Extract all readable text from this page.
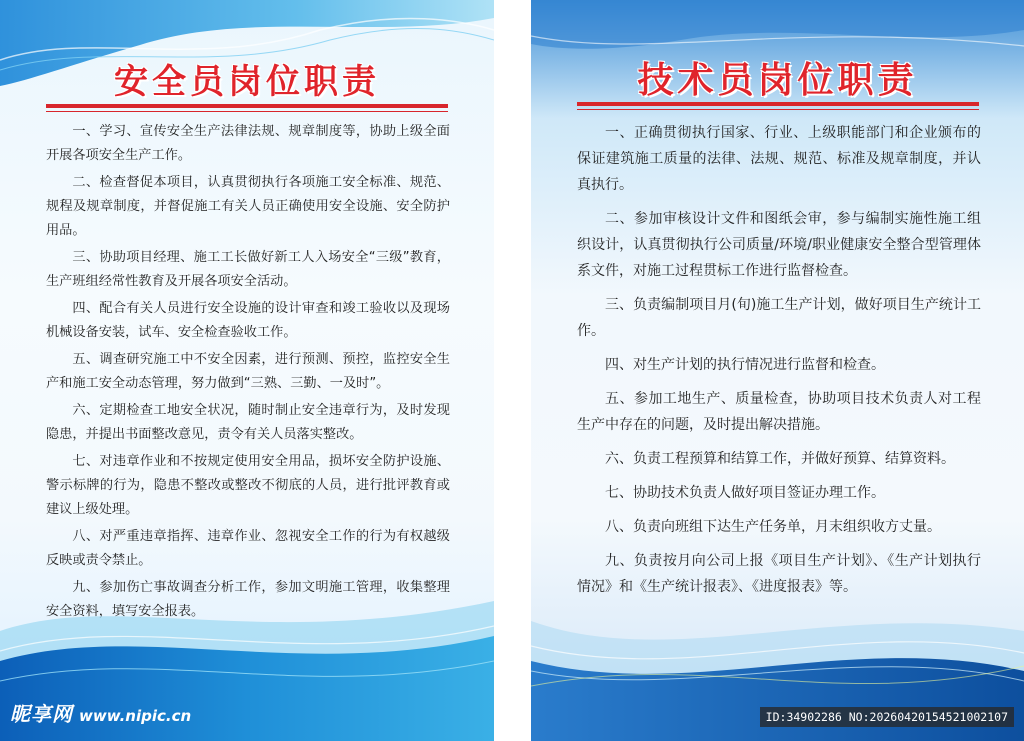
安全员岗位职责

一、学习、宣传安全生产法律法规、规章制度等，协助上级全面开展各项安全生产工作。

二、检查督促本项目，认真贯彻执行各项施工安全标准、规范、规程及规章制度，并督促施工有关人员正确使用安全设施、安全防护用品。

三、协助项目经理、施工工长做好新工人入场安全“三级”教育，生产班组经常性教育及开展各项安全活动。

四、配合有关人员进行安全设施的设计审查和竣工验收以及现场机械设备安装，试车、安全检查验收工作。

五、调查研究施工中不安全因素，进行预测、预控，监控安全生产和施工安全动态管理，努力做到“三熟、三勤、一及时”。

六、定期检查工地安全状况，随时制止安全违章行为，及时发现隐患，并提出书面整改意见，责令有关人员落实整改。

七、对违章作业和不按规定使用安全用品，损坏安全防护设施、警示标牌的行为，隐患不整改或整改不彻底的人员，进行批评教育或建议上级处理。

八、对严重违章指挥、违章作业、忽视安全工作的行为有权越级反映或责令禁止。

九、参加伤亡事故调查分析工作，参加文明施工管理，收集整理安全资料，填写安全报表。

昵享网 www.nipic.cn
技术员岗位职责

一、正确贯彻执行国家、行业、上级职能部门和企业颁布的保证建筑施工质量的法律、法规、规范、标准及规章制度，并认真执行。

二、参加审核设计文件和图纸会审，参与编制实施性施工组织设计，认真贯彻执行公司质量/环境/职业健康安全整合型管理体系文件，对施工过程贯标工作进行监督检查。

三、负责编制项目月(旬)施工生产计划，做好项目生产统计工作。

四、对生产计划的执行情况进行监督和检查。

五、参加工地生产、质量检查，协助项目技术负责人对工程生产中存在的问题，及时提出解决措施。

六、负责工程预算和结算工作，并做好预算、结算资料。

七、协助技术负责人做好项目签证办理工作。

八、负责向班组下达生产任务单，月末组织收方丈量。

九、负责按月向公司上报《项目生产计划》、《生产计划执行情况》和《生产统计报表》、《进度报表》等。

ID:34902286 NO:20260420154521002107
